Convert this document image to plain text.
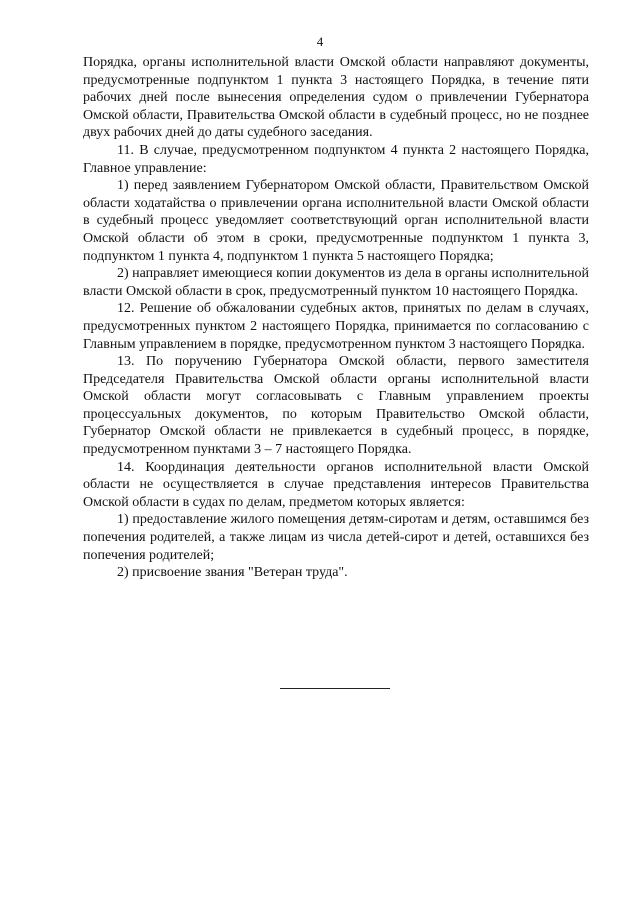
4

Порядка, органы исполнительной власти Омской области направляют документы, предусмотренные подпунктом 1 пункта 3 настоящего Порядка, в течение пяти рабочих дней после вынесения определения судом о привлечении Губернатора Омской области, Правительства Омской области в судебный процесс, но не позднее двух рабочих дней до даты судебного заседания.

11. В случае, предусмотренном подпунктом 4 пункта 2 настоящего Порядка, Главное управление:

1) перед заявлением Губернатором Омской области, Правительством Омской области ходатайства о привлечении органа исполнительной власти Омской области в судебный процесс уведомляет соответствующий орган исполнительной власти Омской области об этом в сроки, предусмотренные подпунктом 1 пункта 3, подпунктом 1 пункта 4, подпунктом 1 пункта 5 настоящего Порядка;

2) направляет имеющиеся копии документов из дела в органы исполнительной власти Омской области в срок, предусмотренный пунктом 10 настоящего Порядка.

12. Решение об обжаловании судебных актов, принятых по делам в случаях, предусмотренных пунктом 2 настоящего Порядка, принимается по согласованию с Главным управлением в порядке, предусмотренном пунктом 3 настоящего Порядка.

13. По поручению Губернатора Омской области, первого заместителя Председателя Правительства Омской области органы исполнительной власти Омской области могут согласовывать с Главным управлением проекты процессуальных документов, по которым Правительство Омской области, Губернатор Омской области не привлекается в судебный процесс, в порядке, предусмотренном пунктами 3 – 7 настоящего Порядка.

14. Координация деятельности органов исполнительной власти Омской области не осуществляется в случае представления интересов Правительства Омской области в судах по делам, предметом которых является:

1) предоставление жилого помещения детям-сиротам и детям, оставшимся без попечения родителей, а также лицам из числа детей-сирот и детей, оставшихся без попечения родителей;

2) присвоение звания "Ветеран труда".
